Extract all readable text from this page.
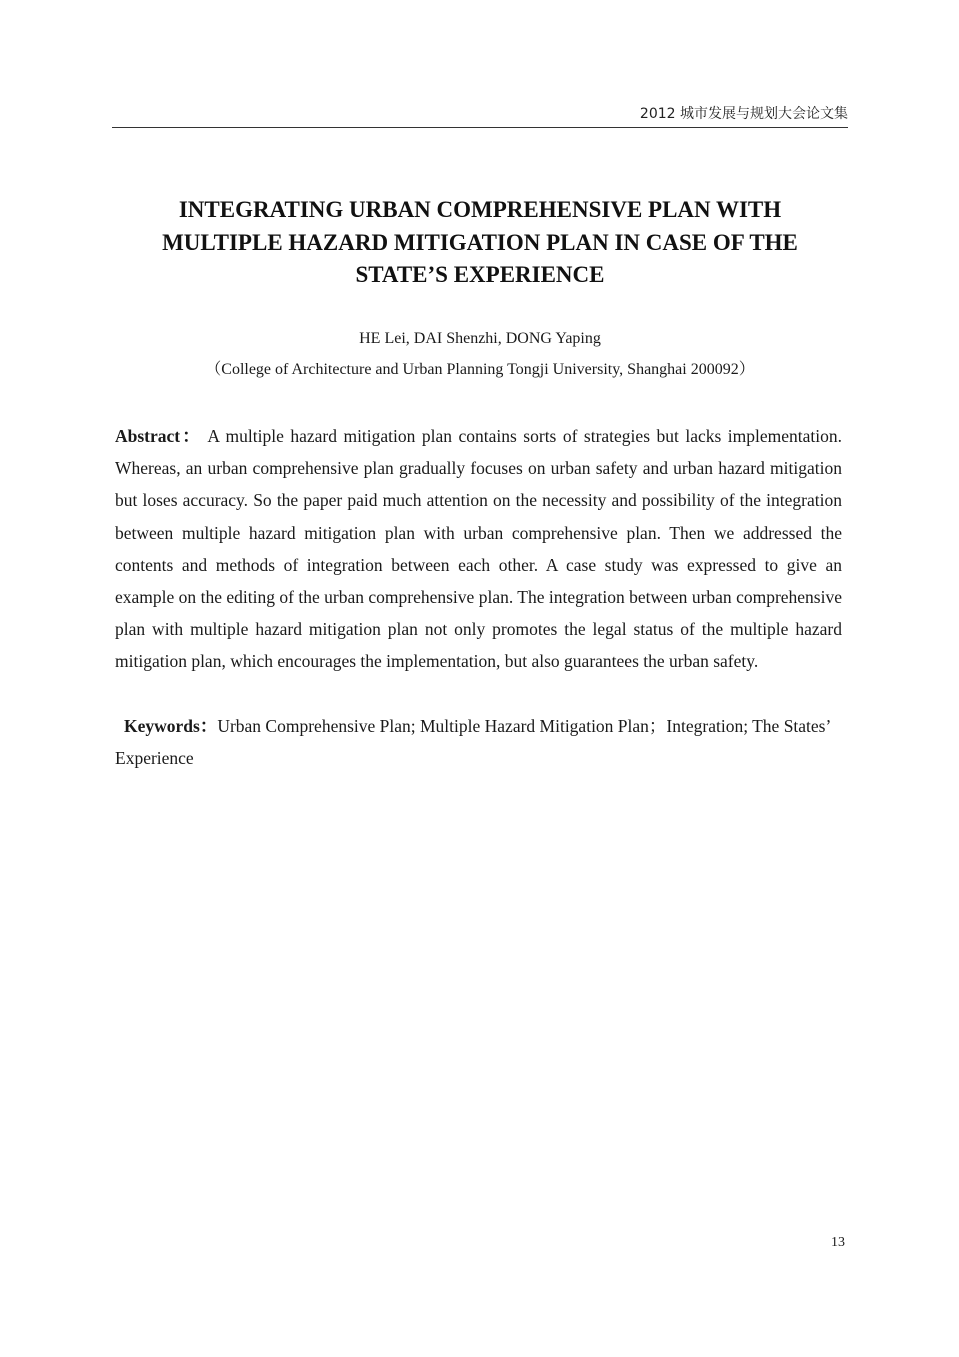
2012 城市发展与规划大会论文集
INTEGRATING URBAN COMPREHENSIVE PLAN WITH
MULTIPLE HAZARD MITIGATION PLAN IN CASE OF THE
STATE’S EXPERIENCE
HE Lei, DAI Shenzhi, DONG Yaping
（College of Architecture and Urban Planning Tongji University, Shanghai 200092）

Abstract： A multiple hazard mitigation plan contains sorts of strategies but lacks implementation. Whereas, an urban comprehensive plan gradually focuses on urban safety and urban hazard mitigation but loses accuracy. So the paper paid much attention on the necessity and possibility of the integration between multiple hazard mitigation plan with urban comprehensive plan. Then we addressed the contents and methods of integration between each other. A case study was expressed to give an example on the editing of the urban comprehensive plan. The integration between urban comprehensive plan with multiple hazard mitigation plan not only promotes the legal status of the multiple hazard mitigation plan, which encourages the implementation, but also guarantees the urban safety.

Keywords：Urban Comprehensive Plan; Multiple Hazard Mitigation Plan；Integration; The States’ Experience

13
